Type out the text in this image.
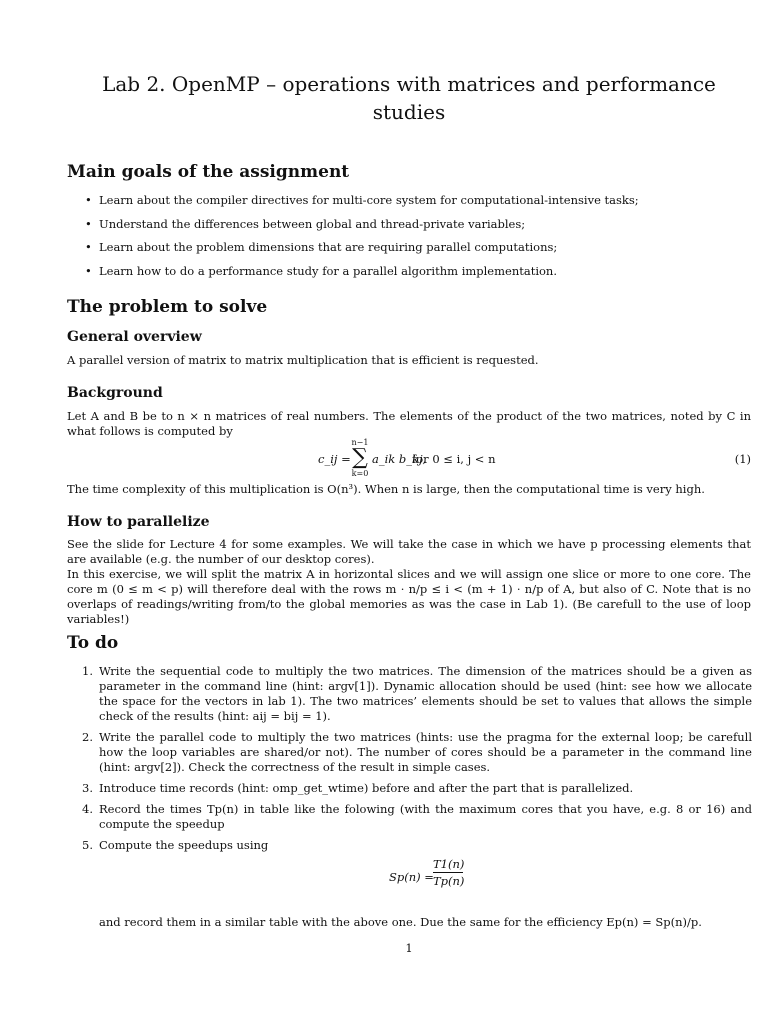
Lab 2. OpenMP – operations with matrices and performance studies
Main goals of the assignment
• Learn about the compiler directives for multi-core system for computational-intensive tasks;
• Understand the differences between global and thread-private variables;
• Learn about the problem dimensions that are requiring parallel computations;
• Learn how to do a performance study for a parallel algorithm implementation.
The problem to solve
General overview

A parallel version of matrix to matrix multiplication that is efficient is requested.

Background

Let A and B be to n × n matrices of real numbers. The elements of the product of the two matrices, noted by C in what follows is computed by

c_ij =
n−1
∑
k=0
a_ik b_kj,
for 0 ≤ i, j < n	(1)

The time complexity of this multiplication is O(n³). When n is large, then the computational time is very high.

How to parallelize

See the slide for Lecture 4 for some examples. We will take the case in which we have p processing elements that are available (e.g. the number of our desktop cores).

In this exercise, we will split the matrix A in horizontal slices and we will assign one slice or more to one core. The core m (0 ≤ m < p) will therefore deal with the rows m · n/p ≤ i < (m + 1) · n/p of A, but also of C. Note that is no overlaps of readings/writing from/to the global memories as was the case in Lab 1). (Be carefull to the use of loop variables!)

To do
1. Write the sequential code to multiply the two matrices. The dimension of the matrices should be a given as parameter in the command line (hint: argv[1]). Dynamic allocation should be used (hint: see how we allocate the space for the vectors in lab 1). The two matrices’ elements should be set to values that allows the simple check of the results (hint: aij = bij = 1).
2. Write the parallel code to multiply the two matrices (hints: use the pragma for the external loop; be carefull how the loop variables are shared/or not). The number of cores should be a parameter in the command line (hint: argv[2]). Check the correctness of the result in simple cases.
3. Introduce time records (hint: omp_get_wtime) before and after the part that is parallelized.
4. Record the times Tp(n) in table like the folowing (with the maximum cores that you have, e.g. 8 or 16) and compute the speedup
5. Compute the speedups using
$Sp(n) = \frac{T1(n)}{Tp(n)}$

and record them in a similar table with the above one. Due the same for the efficiency Ep(n) = Sp(n)/p.

1
